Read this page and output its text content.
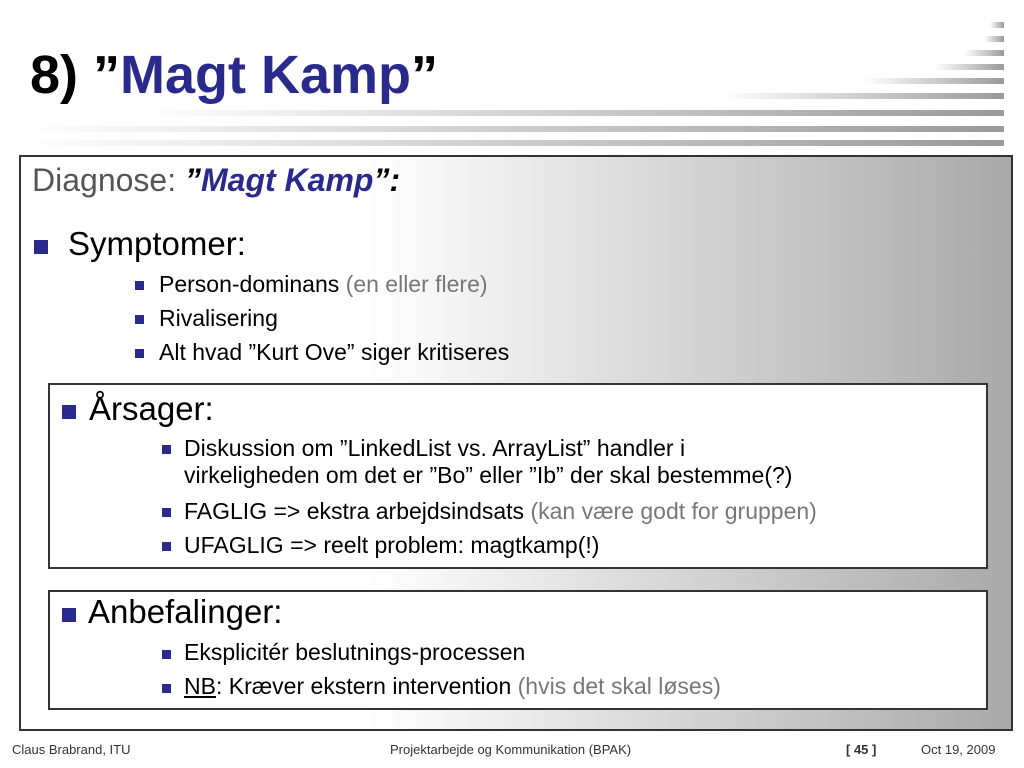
8) ”Magt Kamp”
Diagnose: ”Magt Kamp”:
Symptomer:
Person-dominans (en eller flere)
Rivalisering
Alt hvad ”Kurt Ove” siger kritiseres
Årsager:
Diskussion om ”LinkedList vs. ArrayList” handler i
virkeligheden om det er ”Bo” eller ”Ib” der skal bestemme(?)
FAGLIG => ekstra arbejdsindsats (kan være godt for gruppen)
UFAGLIG => reelt problem: magtkamp(!)
Anbefalinger:
Eksplicitér beslutnings-processen
NB: Kræver ekstern intervention (hvis det skal løses)
Claus Brabrand, ITU	Projektarbejde og Kommunikation (BPAK)	[ 45 ]	Oct 19, 2009
